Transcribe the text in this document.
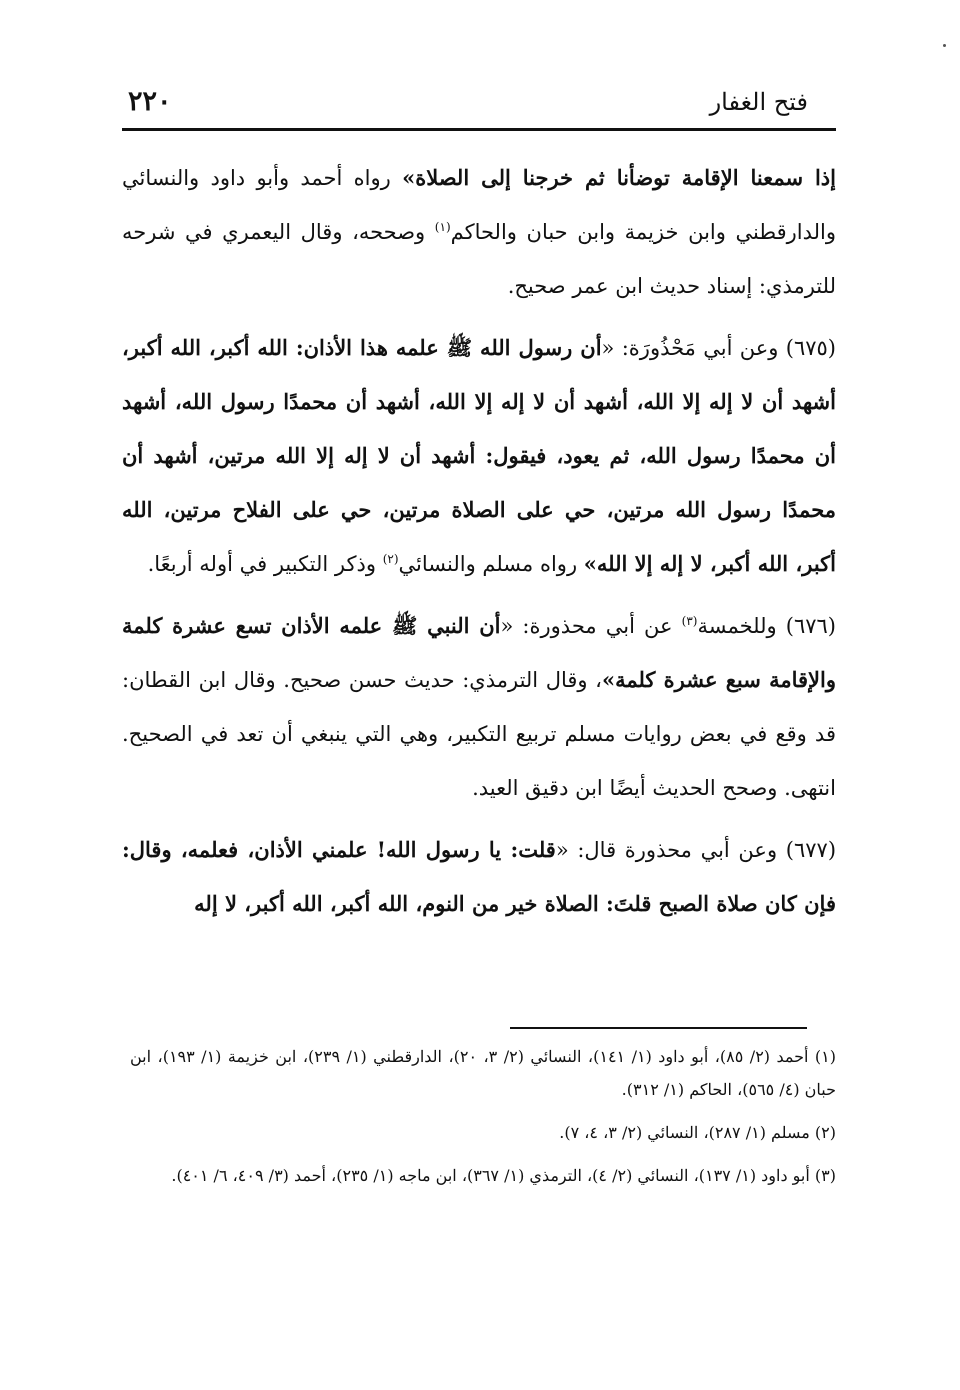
فتح الغفار
٢٢٠

إذا سمعنا الإقامة توضأنا ثم خرجنا إلى الصلاة» رواه أحمد وأبو داود والنسائي والدارقطني وابن خزيمة وابن حبان والحاكم$^{(١)}$ وصححه، وقال اليعمري في شرحه للترمذي: إسناد حديث ابن عمر صحيح.

(٦٧٥) وعن أبي مَحْذُورَة: «أن رسول الله ﷺ علمه هذا الأذان: الله أكبر، الله أكبر، أشهد أن لا إله إلا الله، أشهد أن لا إله إلا الله، أشهد أن محمدًا رسول الله، أشهد أن محمدًا رسول الله، ثم يعود، فيقول: أشهد أن لا إله إلا الله مرتين، أشهد أن محمدًا رسول الله مرتين، حي على الصلاة مرتين، حي على الفلاح مرتين، الله أكبر، الله أكبر، لا إله إلا الله» رواه مسلم والنسائي$^{(٢)}$ وذكر التكبير في أوله أربعًا.

(٦٧٦) وللخمسة$^{(٣)}$ عن أبي محذورة: «أن النبي ﷺ علمه الأذان تسع عشرة كلمة والإقامة سبع عشرة كلمة»، وقال الترمذي: حديث حسن صحيح. وقال ابن القطان: قد وقع في بعض روايات مسلم تربيع التكبير، وهي التي ينبغي أن تعد في الصحيح. انتهى. وصحح الحديث أيضًا ابن دقيق العيد.

(٦٧٧) وعن أبي محذورة قال: «قلت: يا رسول الله! علمني الأذان، فعلمه، وقال: فإن كان صلاة الصبح قلتَ: الصلاة خير من النوم، الله أكبر، الله أكبر، لا إله

(١) أحمد (٢/ ٨٥)، أبو داود (١/ ١٤١)، النسائي (٢/ ٣، ٢٠)، الدارقطني (١/ ٢٣٩)، ابن خزيمة (١/ ١٩٣)، ابن حبان (٤/ ٥٦٥)، الحاكم (١/ ٣١٢).

(٢) مسلم (١/ ٢٨٧)، النسائي (٢/ ٣، ٤، ٧).

(٣) أبو داود (١/ ١٣٧)، النسائي (٢/ ٤)، الترمذي (١/ ٣٦٧)، ابن ماجه (١/ ٢٣٥)، أحمد (٣/ ٤٠٩، ٦/ ٤٠١).
